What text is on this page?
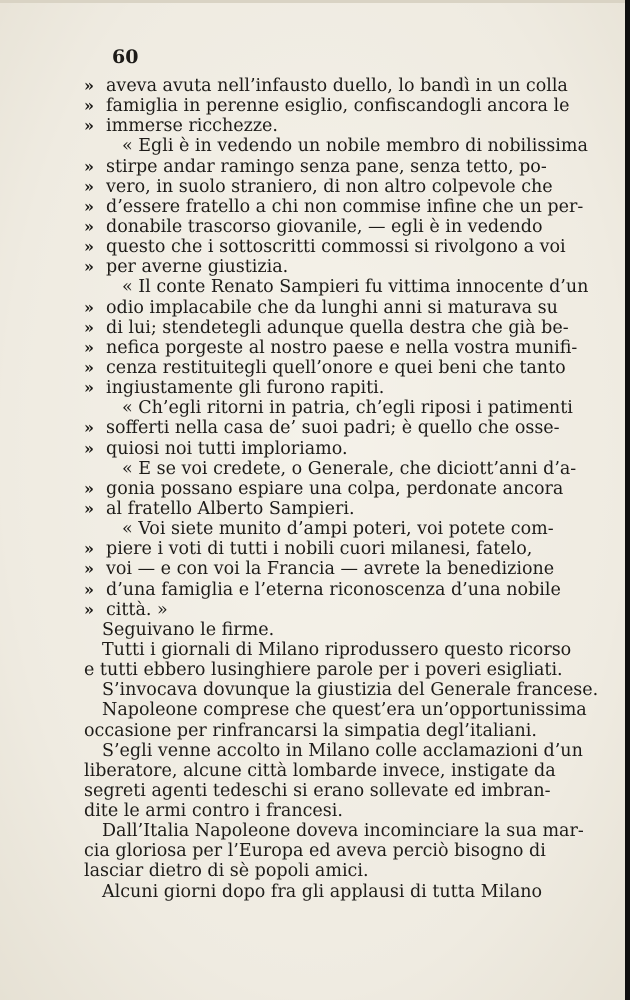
60
» aveva avuta nell’infausto duello, lo bandì in un colla
» famiglia in perenne esiglio, confiscandogli ancora le
» immerse ricchezze.
« Egli è in vedendo un nobile membro di nobilissima
» stirpe andar ramingo senza pane, senza tetto, po-
» vero, in suolo straniero, di non altro colpevole che
» d’essere fratello a chi non commise infine che un per-
» donabile trascorso giovanile, — egli è in vedendo
» questo che i sottoscritti commossi si rivolgono a voi
» per averne giustizia.
« Il conte Renato Sampieri fu vittima innocente d’un
» odio implacabile che da lunghi anni si maturava su
» di lui; stendetegli adunque quella destra che già be-
» nefica porgeste al nostro paese e nella vostra munifi-
» cenza restituitegli quell’onore e quei beni che tanto
» ingiustamente gli furono rapiti.
« Ch’egli ritorni in patria, ch’egli riposi i patimenti
» sofferti nella casa de’ suoi padri; è quello che osse-
» quiosi noi tutti imploriamo.
« E se voi credete, o Generale, che diciott’anni d’a-
» gonia possano espiare una colpa, perdonate ancora
» al fratello Alberto Sampieri.
« Voi siete munito d’ampi poteri, voi potete com-
» piere i voti di tutti i nobili cuori milanesi, fatelo,
» voi — e con voi la Francia — avrete la benedizione
» d’una famiglia e l’eterna riconoscenza d’una nobile
» città. »
Seguivano le firme.
Tutti i giornali di Milano riprodussero questo ricorso
e tutti ebbero lusinghiere parole per i poveri esigliati.
S’invocava dovunque la giustizia del Generale francese.
Napoleone comprese che quest’era un’opportunissima
occasione per rinfrancarsi la simpatia degl’italiani.
S’egli venne accolto in Milano colle acclamazioni d’un
liberatore, alcune città lombarde invece, instigate da
segreti agenti tedeschi si erano sollevate ed imbran-
dite le armi contro i francesi.
Dall’Italia Napoleone doveva incominciare la sua mar-
cia gloriosa per l’Europa ed aveva perciò bisogno di
lasciar dietro di sè popoli amici.
Alcuni giorni dopo fra gli applausi di tutta Milano
